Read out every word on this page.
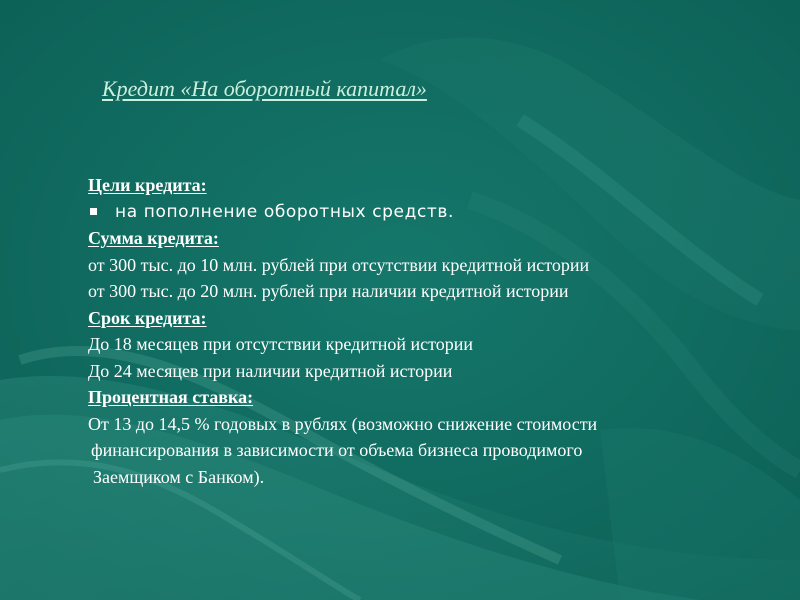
Кредит «На оборотный капитал»
Цели кредита:
на пополнение оборотных средств.
Сумма кредита:
от 300 тыс. до 10 млн. рублей при отсутствии кредитной истории
от 300 тыс. до 20 млн. рублей при наличии кредитной истории
Срок кредита:
До 18 месяцев при отсутствии кредитной истории
До 24 месяцев при наличии кредитной истории
Процентная ставка:
От 13 до 14,5 % годовых в рублях (возможно снижение стоимости
финансирования в зависимости от объема бизнеса проводимого
Заемщиком с Банком).
